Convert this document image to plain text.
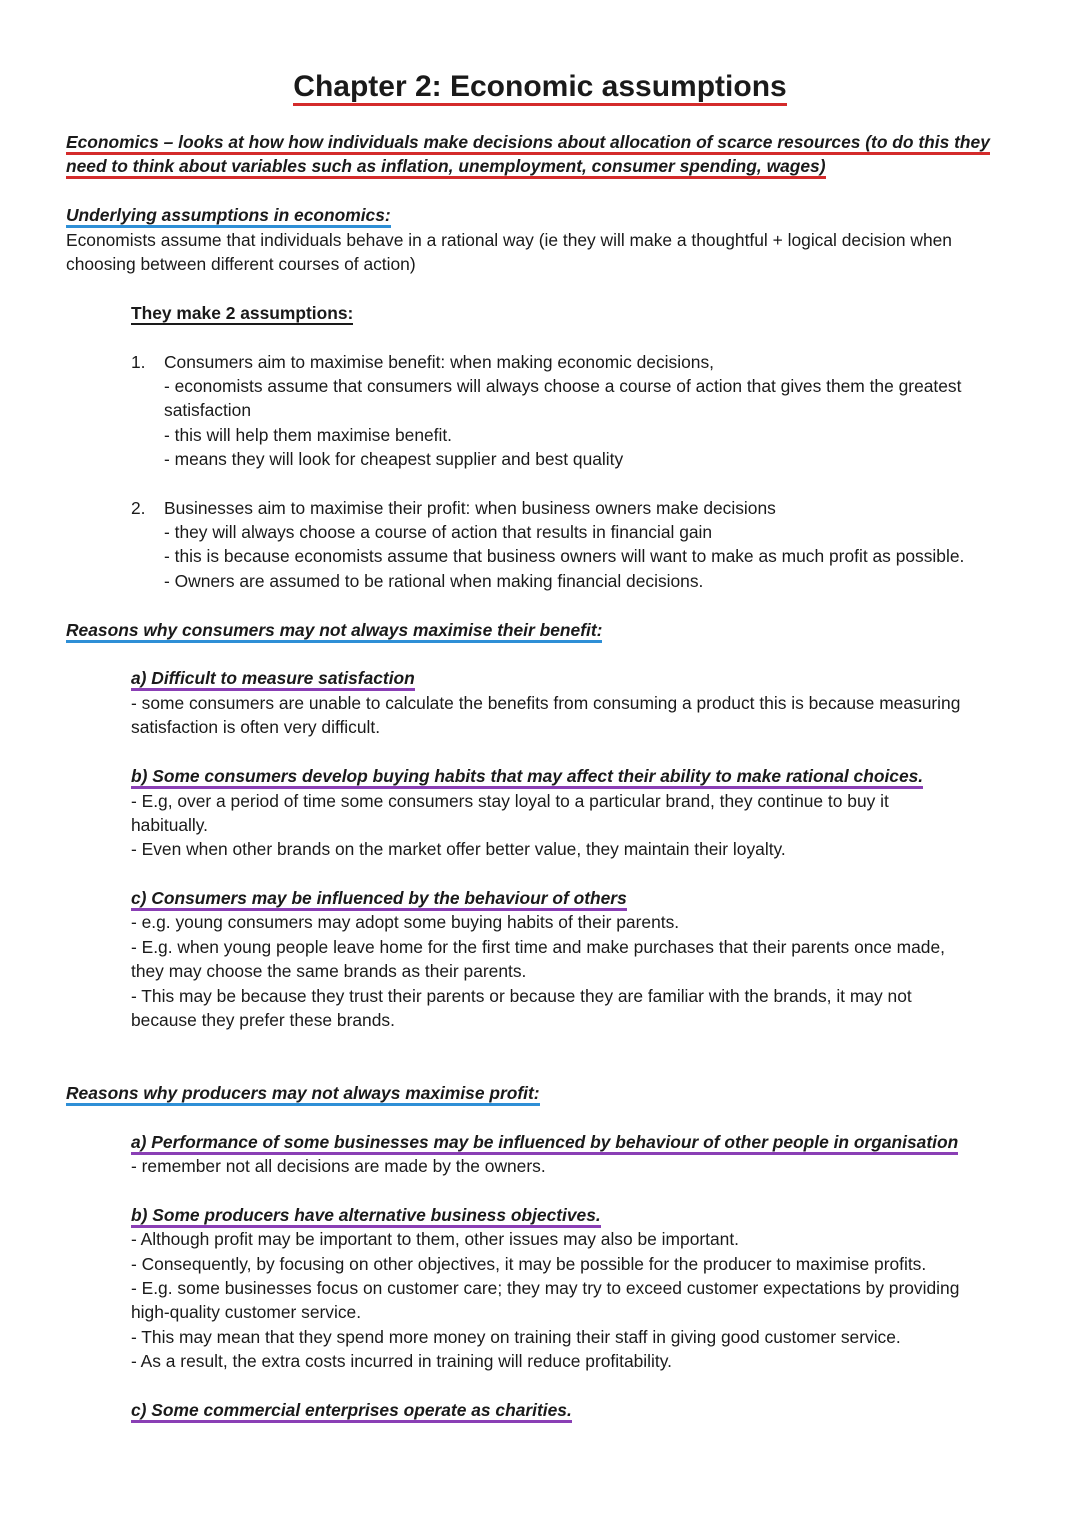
Chapter 2: Economic assumptions
Economics – looks at how how individuals make decisions about allocation of scarce resources (to do this they
need to think about variables such as inflation, unemployment, consumer spending, wages)
Underlying assumptions in economics:
Economists assume that individuals behave in a rational way (ie they will make a thoughtful + logical decision when
choosing between different courses of action)
They make 2 assumptions:
1. Consumers aim to maximise benefit: when making economic decisions,
- economists assume that consumers will always choose a course of action that gives them the greatest
satisfaction
- this will help them maximise benefit.
- means they will look for cheapest supplier and best quality
2. Businesses aim to maximise their profit: when business owners make decisions
- they will always choose a course of action that results in financial gain
- this is because economists assume that business owners will want to make as much profit as possible.
- Owners are assumed to be rational when making financial decisions.
Reasons why consumers may not always maximise their benefit:
a) Difficult to measure satisfaction
- some consumers are unable to calculate the benefits from consuming a product this is because measuring
satisfaction is often very difficult.
b) Some consumers develop buying habits that may affect their ability to make rational choices.
- E.g, over a period of time some consumers stay loyal to a particular brand, they continue to buy it
habitually.
- Even when other brands on the market offer better value, they maintain their loyalty.
c) Consumers may be influenced by the behaviour of others
- e.g. young consumers may adopt some buying habits of their parents.
- E.g. when young people leave home for the first time and make purchases that their parents once made,
they may choose the same brands as their parents.
- This may be because they trust their parents or because they are familiar with the brands, it may not
because they prefer these brands.
Reasons why producers may not always maximise profit:
a) Performance of some businesses may be influenced by behaviour of other people in organisation
- remember not all decisions are made by the owners.
b) Some producers have alternative business objectives.
- Although profit may be important to them, other issues may also be important.
- Consequently, by focusing on other objectives, it may be possible for the producer to maximise profits.
- E.g. some businesses focus on customer care; they may try to exceed customer expectations by providing
high-quality customer service.
- This may mean that they spend more money on training their staff in giving good customer service.
- As a result, the extra costs incurred in training will reduce profitability.
c) Some commercial enterprises operate as charities.
